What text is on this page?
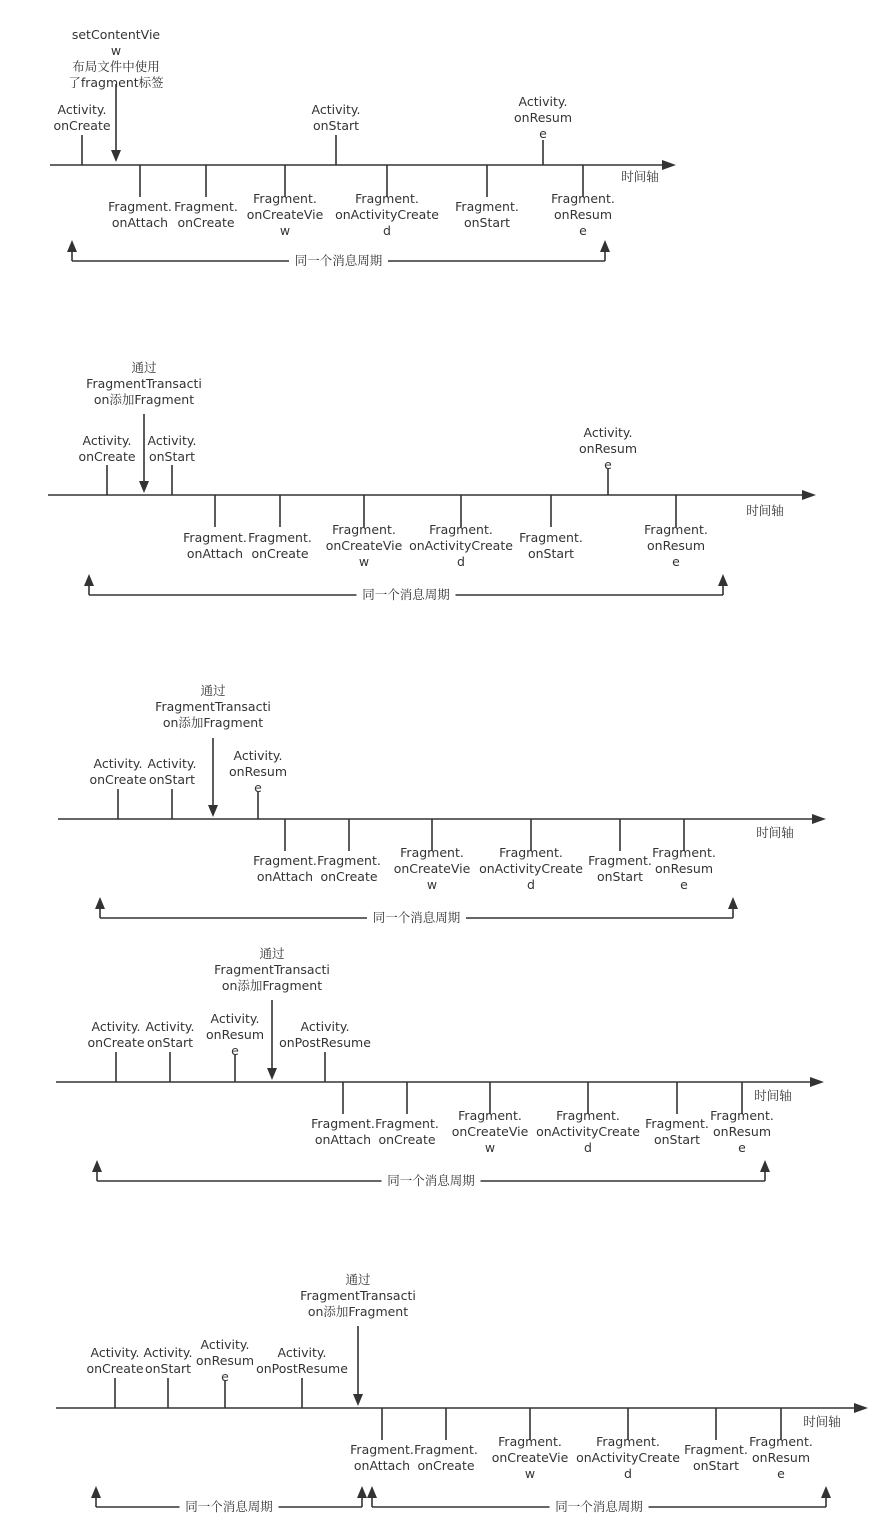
时间轴
Activity. onCreate
Activity. onStart
Activity. onResum e
setContentVie w 布局文件中使用了fragment标签
Fragment. onAttach
Fragment. onCreate
Fragment. onCreateVie w
Fragment. onActivityCreate d
Fragment. onStart
Fragment. onResum e
同一个消息周期
时间轴
Activity. onCreate
Activity. onStart
Activity. onResum e
通过 FragmentTransacti on添加Fragment
Fragment. onAttach
Fragment. onCreate
Fragment. onCreateVie w
Fragment. onActivityCreate d
Fragment. onStart
Fragment. onResum e
同一个消息周期
时间轴
Activity. onCreate
Activity. onStart
Activity. onResum e
通过 FragmentTransacti on添加Fragment
Fragment. onAttach
Fragment. onCreate
Fragment. onCreateVie w
Fragment. onActivityCreate d
Fragment. onStart
Fragment. onResum e
同一个消息周期
时间轴
Activity. onCreate
Activity. onStart
Activity. onResum e
Activity. onPostResume
通过 FragmentTransacti on添加Fragment
Fragment. onAttach
Fragment. onCreate
Fragment. onCreateVie w
Fragment. onActivityCreate d
Fragment. onStart
Fragment. onResum e
同一个消息周期
时间轴
Activity. onCreate
Activity. onStart
Activity. onResum e
Activity. onPostResume
通过 FragmentTransacti on添加Fragment
Fragment. onAttach
Fragment. onCreate
Fragment. onCreateVie w
Fragment. onActivityCreate d
Fragment. onStart
Fragment. onResum e
同一个消息周期	同一个消息周期
